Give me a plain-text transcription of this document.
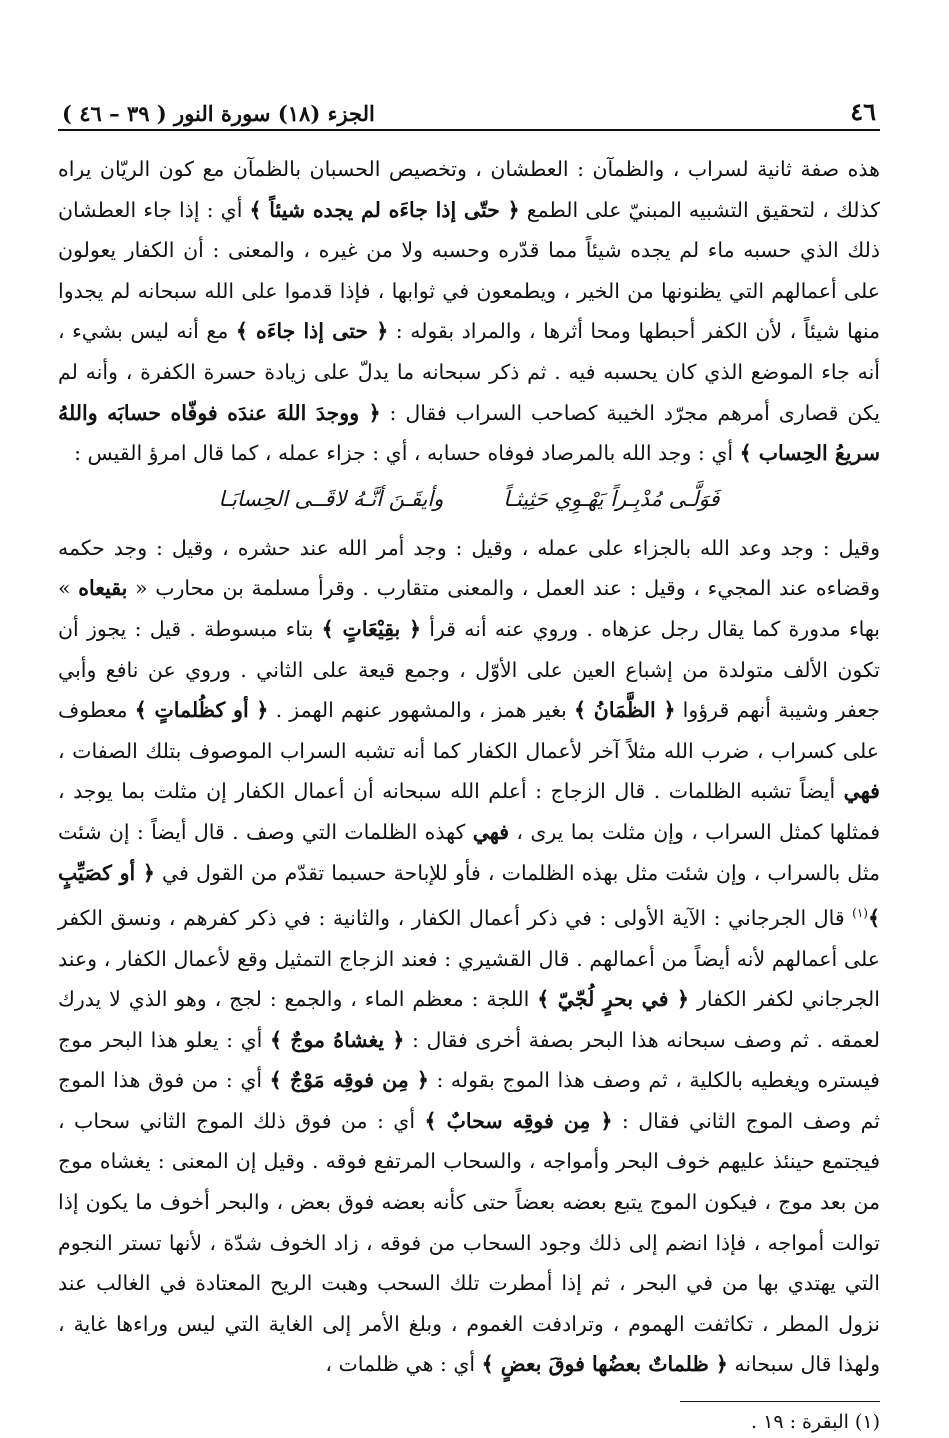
٤٦
الجزء (١٨) سورة النور ( ٣٩ – ٤٦ )

هذه صفة ثانية لسراب ، والظمآن : العطشان ، وتخصيص الحسبان بالظمآن مع كون الريّان يراه كذلك ، لتحقيق التشبيه المبنيّ على الطمع ﴿ حتّى إذا جاءَه لم يجده شيئاً ﴾ أي : إذا جاء العطشان ذلك الذي حسبه ماء لم يجده شيئاً مما قدّره وحسبه ولا من غيره ، والمعنى : أن الكفار يعولون على أعمالهم التي يظنونها من الخير ، ويطمعون في ثوابها ، فإذا قدموا على الله سبحانه لم يجدوا منها شيئاً ، لأن الكفر أحبطها ومحا أثرها ، والمراد بقوله : ﴿ حتى إذا جاءَه ﴾ مع أنه ليس بشيء ، أنه جاء الموضع الذي كان يحسبه فيه . ثم ذكر سبحانه ما يدلّ على زيادة حسرة الكفرة ، وأنه لم يكن قصارى أمرهم مجرّد الخيبة كصاحب السراب فقال : ﴿ ووجدَ اللهَ عندَه فوفّاه حسابَه واللهُ سريعُ الحِساب ﴾ أي : وجد الله بالمرصاد فوفاه حسابه ، أي : جزاء عمله ، كما قال امرؤ القيس :

فَوَلَّـى مُدْبِـراً يَهْـوِي حَثِيثـاً
وأيقَـنَ أنَّـهُ لاقَــى الحِسابَـا

وقيل : وجد وعد الله بالجزاء على عمله ، وقيل : وجد أمر الله عند حشره ، وقيل : وجد حكمه وقضاءه عند المجيء ، وقيل : عند العمل ، والمعنى متقارب . وقرأ مسلمة بن محارب « بقيعاه » بهاء مدورة كما يقال رجل عزهاه . وروي عنه أنه قرأ ﴿ بقِيْعَاتٍ ﴾ بتاء مبسوطة . قيل : يجوز أن تكون الألف متولدة من إشباع العين على الأوّل ، وجمع قيعة على الثاني . وروي عن نافع وأبي جعفر وشيبة أنهم قرؤوا ﴿ الظَّمَانُ ﴾ بغير همز ، والمشهور عنهم الهمز . ﴿ أو كظُلماتٍ ﴾ معطوف على كسراب ، ضرب الله مثلاً آخر لأعمال الكفار كما أنه تشبه السراب الموصوف بتلك الصفات ، فهي أيضاً تشبه الظلمات . قال الزجاج : أعلم الله سبحانه أن أعمال الكفار إن مثلت بما يوجد ، فمثلها كمثل السراب ، وإن مثلت بما يرى ، فهي كهذه الظلمات التي وصف . قال أيضاً : إن شئت مثل بالسراب ، وإن شئت مثل بهذه الظلمات ، فأو للإباحة حسبما تقدّم من القول في ﴿ أو كصَيِّبٍ ﴾$^{(١)}$ قال الجرجاني : الآية الأولى : في ذكر أعمال الكفار ، والثانية : في ذكر كفرهم ، ونسق الكفر على أعمالهم لأنه أيضاً من أعمالهم . قال القشيري : فعند الزجاج التمثيل وقع لأعمال الكفار ، وعند الجرجاني لكفر الكفار ﴿ في بحرٍ لُجّيّ ﴾ اللجة : معظم الماء ، والجمع : لجج ، وهو الذي لا يدرك لعمقه . ثم وصف سبحانه هذا البحر بصفة أخرى فقال : ﴿ يغشاهُ موجٌ ﴾ أي : يعلو هذا البحر موج فيستره ويغطيه بالكلية ، ثم وصف هذا الموج بقوله : ﴿ مِن فوقِه مَوْجٌ ﴾ أي : من فوق هذا الموج ثم وصف الموج الثاني فقال : ﴿ مِن فوقِه سحابٌ ﴾ أي : من فوق ذلك الموج الثاني سحاب ، فيجتمع حينئذ عليهم خوف البحر وأمواجه ، والسحاب المرتفع فوقه . وقيل إن المعنى : يغشاه موج من بعد موج ، فيكون الموج يتبع بعضه بعضاً حتى كأنه بعضه فوق بعض ، والبحر أخوف ما يكون إذا توالت أمواجه ، فإذا انضم إلى ذلك وجود السحاب من فوقه ، زاد الخوف شدّة ، لأنها تستر النجوم التي يهتدي بها من في البحر ، ثم إذا أمطرت تلك السحب وهبت الريح المعتادة في الغالب عند نزول المطر ، تكاثفت الهموم ، وترادفت الغموم ، وبلغ الأمر إلى الغاية التي ليس وراءها غاية ، ولهذا قال سبحانه ﴿ ظلماتٌ بعضُها فوقَ بعضٍ ﴾ أي : هي ظلمات ،

(١) البقرة : ١٩ .
